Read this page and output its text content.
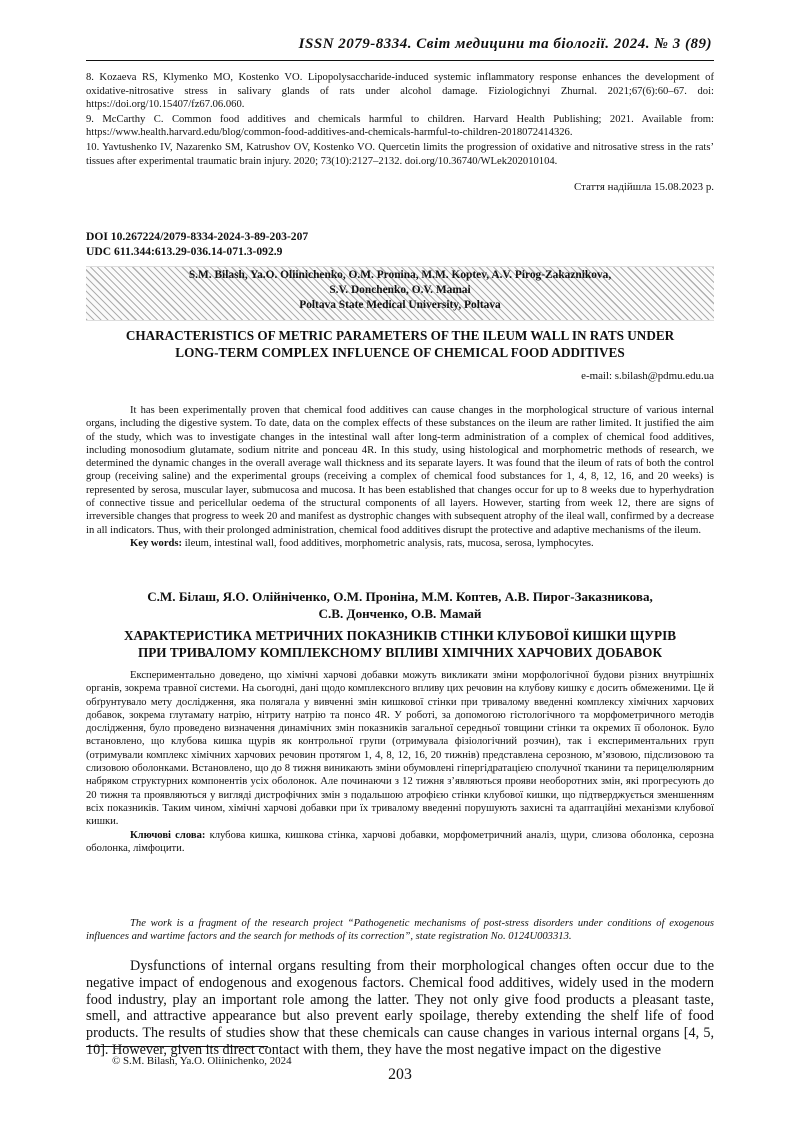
ISSN 2079-8334. Світ медицини та біології. 2024. № 3 (89)

8. Kozaeva RS, Klymenko MO, Kostenko VO. Lipopolysaccharide-induced systemic inflammatory response enhances the development of oxidative-nitrosative stress in salivary glands of rats under alcohol damage. Fiziologichnyi Zhurnal. 2021;67(6):60–67. doi: https://doi.org/10.15407/fz67.06.060.

9. McCarthy C. Common food additives and chemicals harmful to children. Harvard Health Publishing; 2021. Available from: https://www.health.harvard.edu/blog/common-food-additives-and-chemicals-harmful-to-children-2018072414326.

10. Yavtushenko IV, Nazarenko SM, Katrushov OV, Kostenko VO. Quercetin limits the progression of oxidative and nitrosative stress in the rats’ tissues after experimental traumatic brain injury. 2020; 73(10):2127–2132. doi.org/10.36740/WLek202010104.

Стаття надійшла 15.08.2023 р.
DOI 10.267224/2079-8334-2024-3-89-203-207
UDC 611.344:613.29-036.14-071.3-092.9
S.M. Bilash, Ya.O. Oliinichenko, O.M. Pronina, M.M. Koptev, A.V. Pirog-Zakaznikova,
S.V. Donchenko, O.V. Mamai
Poltava State Medical University, Poltava
CHARACTERISTICS OF METRIC PARAMETERS OF THE ILEUM WALL IN RATS UNDER
LONG-TERM COMPLEX INFLUENCE OF CHEMICAL FOOD ADDITIVES
e-mail: s.bilash@pdmu.edu.ua

It has been experimentally proven that chemical food additives can cause changes in the morphological structure of various internal organs, including the digestive system. To date, data on the complex effects of these substances on the ileum are rather limited. It justified the aim of the study, which was to investigate changes in the intestinal wall after long-term administration of a complex of chemical food additives, including monosodium glutamate, sodium nitrite and ponceau 4R. In this study, using histological and morphometric methods of research, we determined the dynamic changes in the overall average wall thickness and its separate layers. It was found that the ileum of rats of both the control group (receiving saline) and the experimental groups (receiving a complex of chemical food substances for 1, 4, 8, 12, 16, and 20 weeks) is represented by serosa, muscular layer, submucosa and mucosa. It has been established that changes occur for up to 8 weeks due to hyperhydration of connective tissue and pericellular oedema of the structural components of all layers. However, starting from week 12, there are signs of irreversible changes that progress to week 20 and manifest as dystrophic changes with subsequent atrophy of the ileal wall, confirmed by a decrease in all indicators. Thus, with their prolonged administration, chemical food additives disrupt the protective and adaptive mechanisms of the ileum.

Key words: ileum, intestinal wall, food additives, morphometric analysis, rats, mucosa, serosa, lymphocytes.

С.М. Білаш, Я.О. Олійніченко, О.М. Проніна, М.М. Коптев, А.В. Пирог-Заказникова,
С.В. Донченко, О.В. Мамай
ХАРАКТЕРИСТИКА МЕТРИЧНИХ ПОКАЗНИКІВ СТІНКИ КЛУБОВОЇ КИШКИ ЩУРІВ
ПРИ ТРИВАЛОМУ КОМПЛЕКСНОМУ ВПЛИВІ ХІМІЧНИХ ХАРЧОВИХ ДОБАВОК

Експериментально доведено, що хімічні харчові добавки можуть викликати зміни морфологічної будови різних внутрішніх органів, зокрема травної системи. На сьогодні, дані щодо комплексного впливу цих речовин на клубову кишку є досить обмеженими. Це й обґрунтувало мету дослідження, яка полягала у вивченні змін кишкової стінки при тривалому введенні комплексу хімічних харчових добавок, зокрема глутамату натрію, нітриту натрію та понсо 4R. У роботі, за допомогою гістологічного та морфометричного методів дослідження, було проведено визначення динамічних змін показників загальної середньої товщини стінки та окремих її оболонок. Було встановлено, що клубова кишка щурів як контрольної групи (отримувала фізіологічний розчин), так і експериментальних груп (отримували комплекс хімічних харчових речовин протягом 1, 4, 8, 12, 16, 20 тижнів) представлена серозною, м’язовою, підслизовою та слизовою оболонками. Встановлено, що до 8 тижня виникають зміни обумовлені гіпергідратацією сполучної тканини та перицелюлярним набряком структурних компонентів усіх оболонок. Але починаючи з 12 тижня з’являються прояви необоротних змін, які прогресують до 20 тижня та проявляються у вигляді дистрофічних змін з подальшою атрофією стінки клубової кишки, що підтверджується зменшенням всіх показників. Таким чином, хімічні харчові добавки при їх тривалому введенні порушують захисні та адаптаційні механізми клубової кишки.

Ключові слова: клубова кишка, кишкова стінка, харчові добавки, морфометричний аналіз, щури, слизова оболонка, серозна оболонка, лімфоцити.

The work is a fragment of the research project “Pathogenetic mechanisms of post-stress disorders under conditions of exogenous influences and wartime factors and the search for methods of its correction”, state registration No. 0124U003313.
Dysfunctions of internal organs resulting from their morphological changes often occur due to the negative impact of endogenous and exogenous factors. Chemical food additives, widely used in the modern food industry, play an important role among the latter. They not only give food products a pleasant taste, smell, and attractive appearance but also prevent early spoilage, thereby extending the shelf life of food products. The results of studies show that these chemicals can cause changes in various internal organs [4, 5, 10]. However, given its direct contact with them, they have the most negative impact on the digestive
© S.M. Bilash, Ya.O. Oliinichenko, 2024
203
